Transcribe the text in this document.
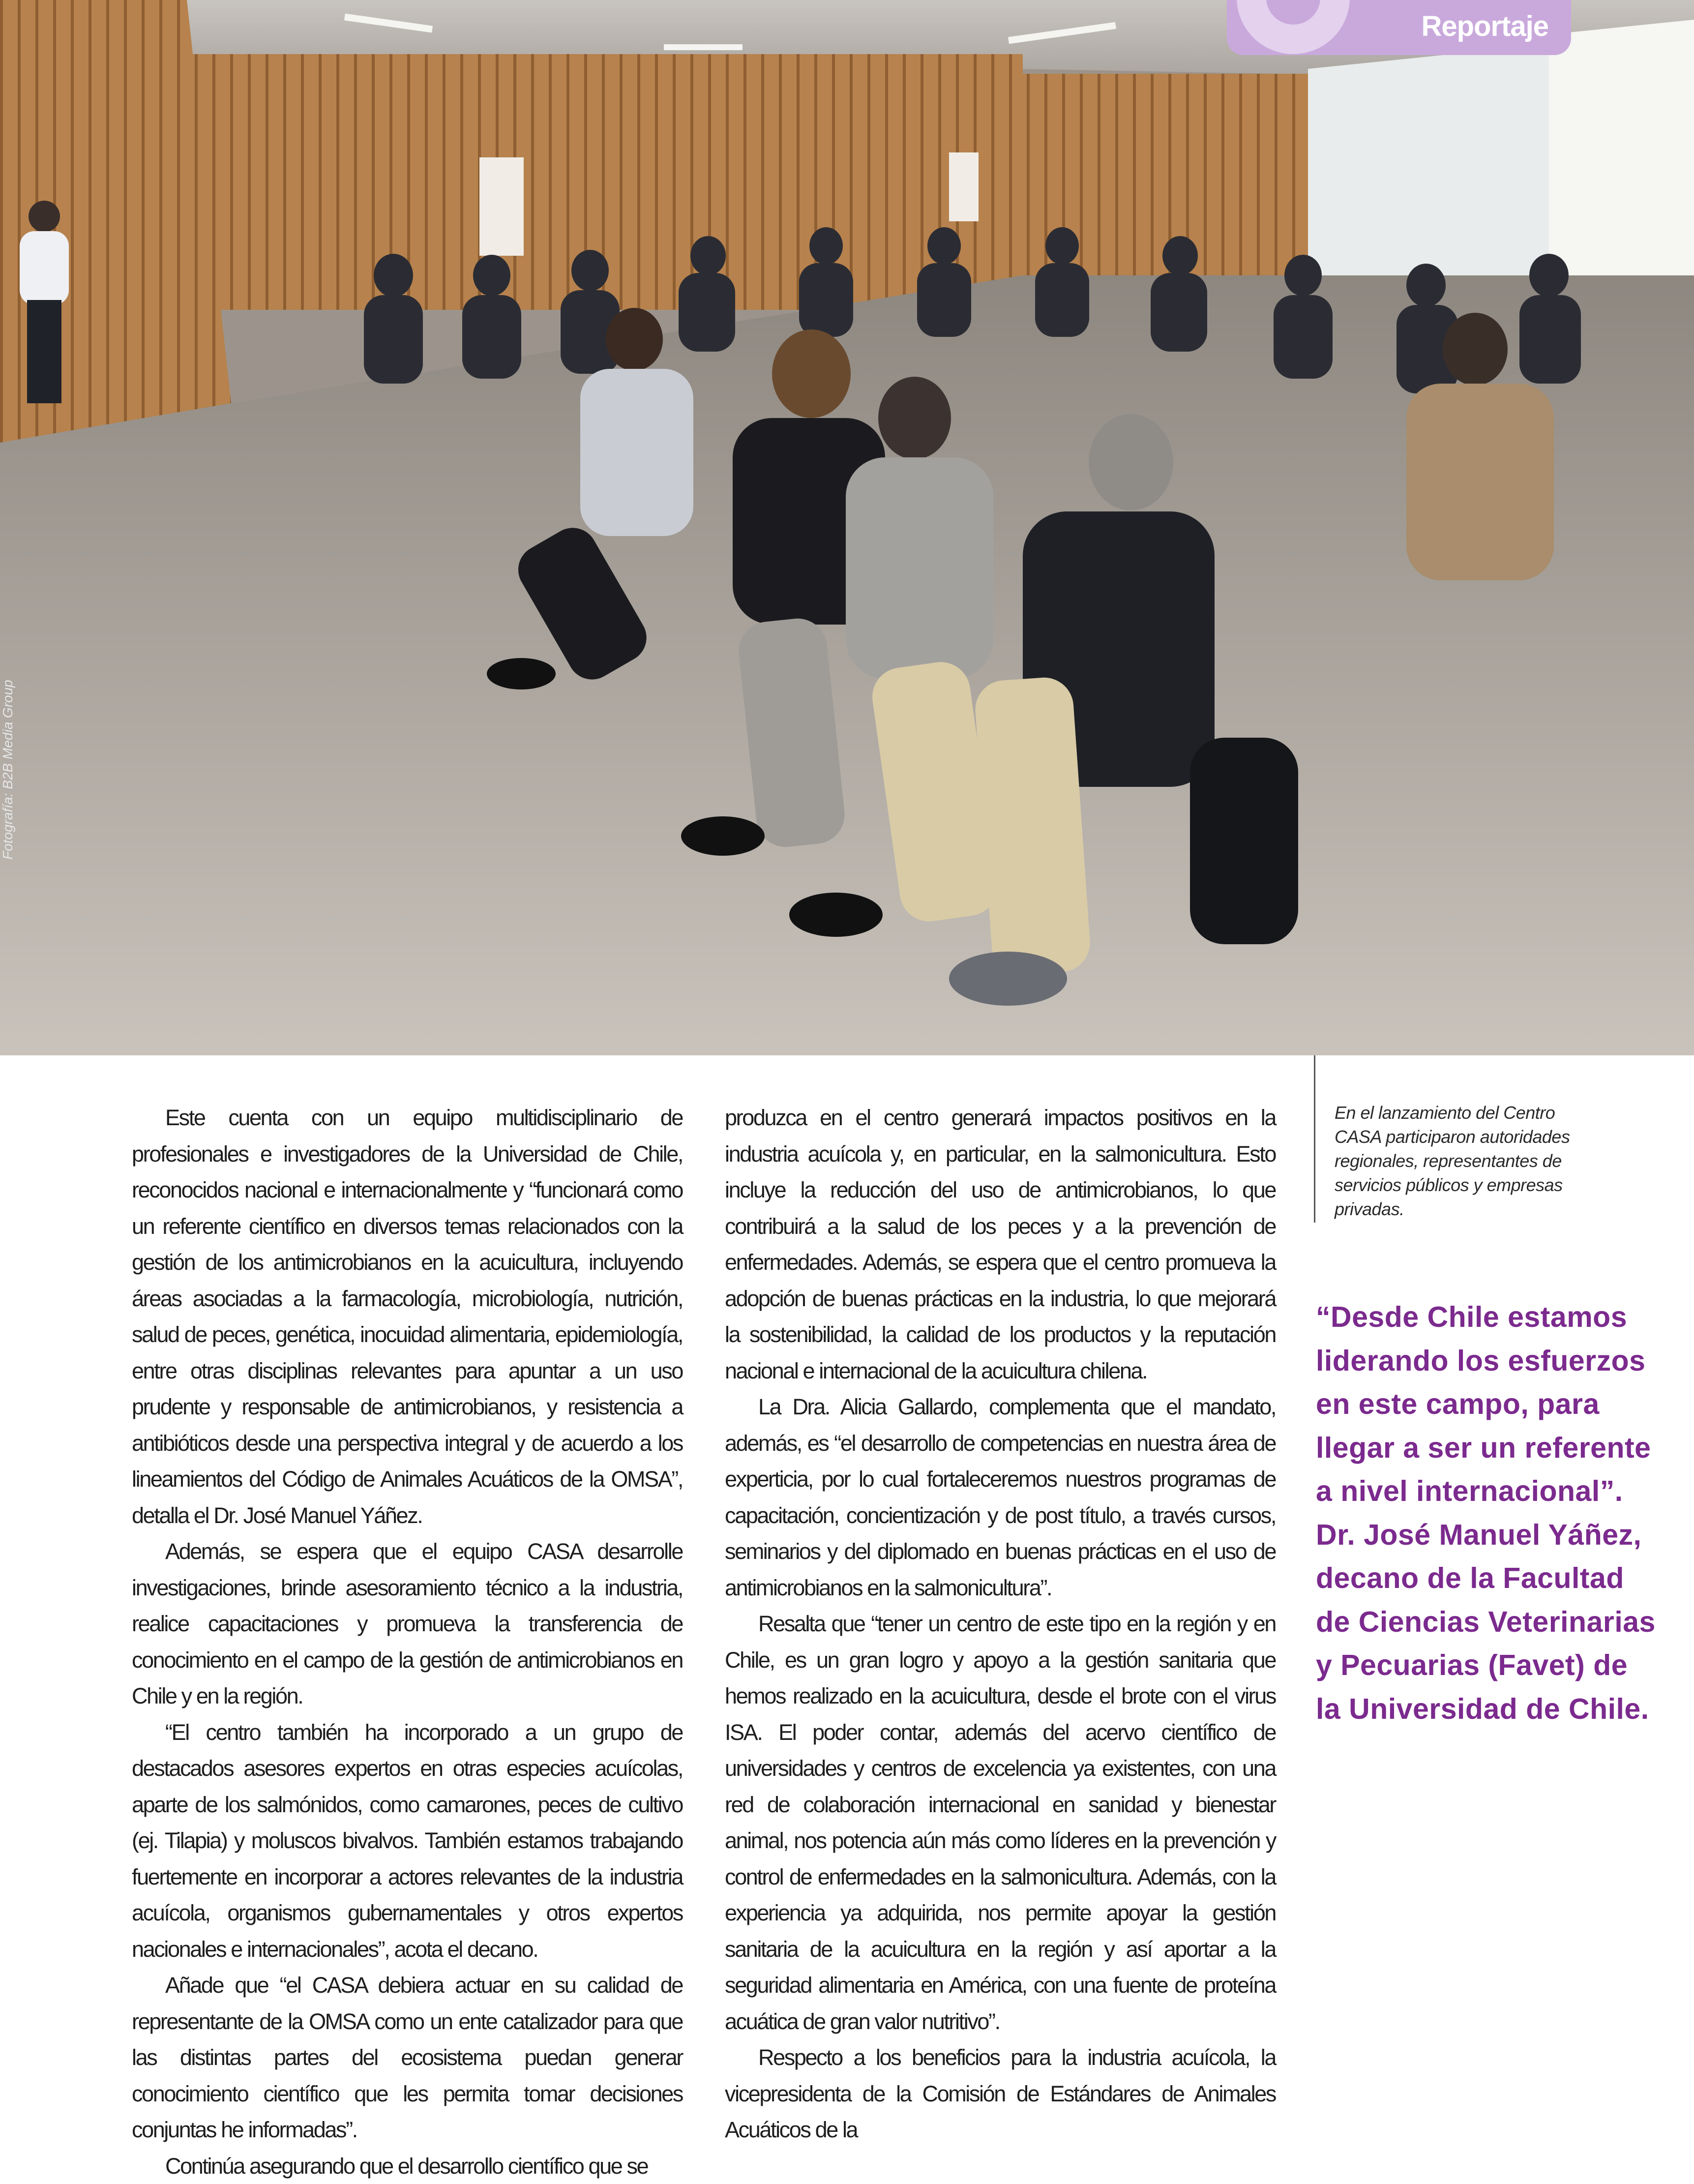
Fotografía: B2B Media Group
Reportaje

Este cuenta con un equipo multidisciplinario de profesionales e investigadores de la Universidad de Chile, reconocidos nacional e internacionalmente y “funcionará como un referente científico en diversos temas relacionados con la gestión de los antimicrobianos en la acuicultura, incluyendo áreas asociadas a la farmacología, microbiología, nutrición, salud de peces, genética, inocuidad alimentaria, epidemiología, entre otras disciplinas relevantes para apuntar a un uso prudente y responsable de antimicrobianos, y resistencia a antibióticos desde una perspectiva integral y de acuerdo a los lineamientos del Código de Animales Acuáticos de la OMSA”, detalla el Dr. José Manuel Yáñez.

Además, se espera que el equipo CASA desarrolle investigaciones, brinde asesoramiento técnico a la industria, realice capacitaciones y promueva la transferencia de conocimiento en el campo de la gestión de antimicrobianos en Chile y en la región.

“El centro también ha incorporado a un grupo de destacados asesores expertos en otras especies acuícolas, aparte de los salmónidos, como camarones, peces de cultivo (ej. Tilapia) y moluscos bivalvos. También estamos trabajando fuertemente en incorporar a actores relevantes de la industria acuícola, organismos gubernamentales y otros expertos nacionales e internacionales”, acota el decano.

Añade que “el CASA debiera actuar en su calidad de representante de la OMSA como un ente catalizador para que las distintas partes del ecosistema puedan generar conocimiento científico que les permita tomar decisiones conjuntas he informadas”.

Continúa asegurando que el desarrollo científico que se

produzca en el centro generará impactos positivos en la industria acuícola y, en particular, en la salmonicultura. Esto incluye la reducción del uso de antimicrobianos, lo que contribuirá a la salud de los peces y a la prevención de enfermedades. Además, se espera que el centro promueva la adopción de buenas prácticas en la industria, lo que mejorará la sostenibilidad, la calidad de los productos y la reputación nacional e internacional de la acuicultura chilena.

La Dra. Alicia Gallardo, complementa que el mandato, además, es “el desarrollo de competencias en nuestra área de experticia, por lo cual fortaleceremos nuestros programas de capacitación, concientización y de post título, a través cursos, seminarios y del diplomado en buenas prácticas en el uso de antimicrobianos en la salmonicultura”.

Resalta que “tener un centro de este tipo en la región y en Chile, es un gran logro y apoyo a la gestión sanitaria que hemos realizado en la acuicultura, desde el brote con el virus ISA. El poder contar, además del acervo científico de universidades y centros de excelencia ya existentes, con una red de colaboración internacional en sanidad y bienestar animal, nos potencia aún más como líderes en la prevención y control de enfermedades en la salmonicultura. Además, con la experiencia ya adquirida, nos permite apoyar la gestión sanitaria de la acuicultura en la región y así aportar a la seguridad alimentaria en América, con una fuente de proteína acuática de gran valor nutritivo”.

Respecto a los beneficios para la industria acuícola, la vicepresidenta de la Comisión de Estándares de Animales Acuáticos de la

En el lanzamiento del Centro CASA participaron autoridades regionales, representantes de servicios públicos y empresas privadas.
“Desde Chile estamos liderando los esfuerzos en este campo, para llegar a ser un referente a nivel internacional”. Dr. José Manuel Yáñez, decano de la Facultad de Ciencias Veterinarias y Pecuarias (Favet) de la Universidad de Chile.
